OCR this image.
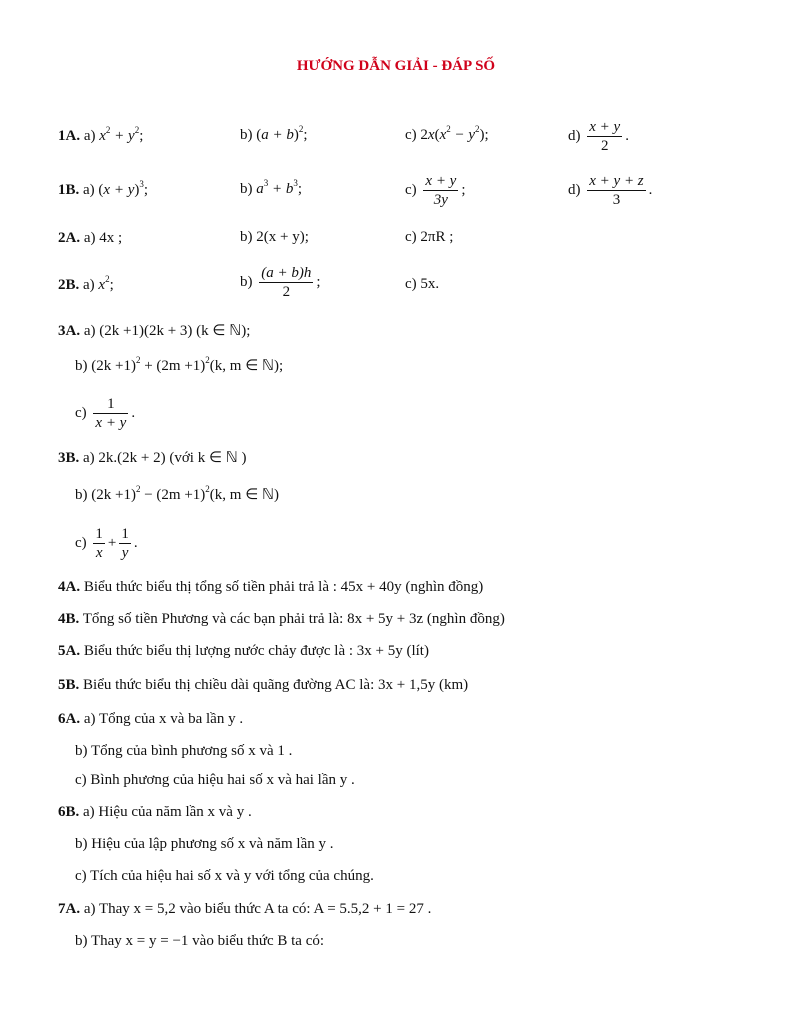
HƯỚNG DẪN GIẢI - ĐÁP SỐ
1A. a) $x^2 + y^2$;	b) $(a + b)^2$;	c) $2x(x^2 - y^2)$;	$d) \frac{x + y}{2}$ .
1B. a) $(x + y)^3$;	b) $a^3 + b^3$;	$c) \frac{x + y}{3y}$ ;	$d) \frac{x + y + z}{3}$ .
2A. a) 4x ;	b) 2(x + y);	c) 2πR ;
2B. a) $x^2$;	$b) \frac{(a + b)h}{2}$ ;	c) 5x.
3A. a) (2k +1)(2k + 3) (k ∈ ℕ);
b) $(2k +1)^2 + (2m +1)^2(k$, m ∈ ℕ);
$c) \frac{1}{x + y}$ .
3B. a) 2k.(2k + 2) (với k ∈ ℕ )
b) $(2k +1)^2 - (2m +1)^2(k$, m ∈ ℕ)
$c) \frac{1}{x} + \frac{1}{y}$ .
4A. Biểu thức biểu thị tổng số tiền phải trả là : 45x + 40y (nghìn đồng)
4B. Tổng số tiền Phương và các bạn phải trả là: 8x + 5y + 3z (nghìn đồng)
5A. Biểu thức biểu thị lượng nước chảy được là : 3x + 5y (lít)
5B. Biểu thức biểu thị chiều dài quãng đường AC là: 3x + 1,5y (km)
6A. a) Tổng của x và ba lần y .
b) Tổng của bình phương số x và 1 .
c) Bình phương của hiệu hai số x và hai lần y .
6B. a) Hiệu của năm lần x và y .
b) Hiệu của lập phương số x và năm lần y .
c) Tích của hiệu hai số x và y với tổng của chúng.
7A. a) Thay x = 5,2 vào biểu thức A ta có: A = 5.5,2 + 1 = 27 .
b) Thay x = y = −1 vào biểu thức B ta có:
